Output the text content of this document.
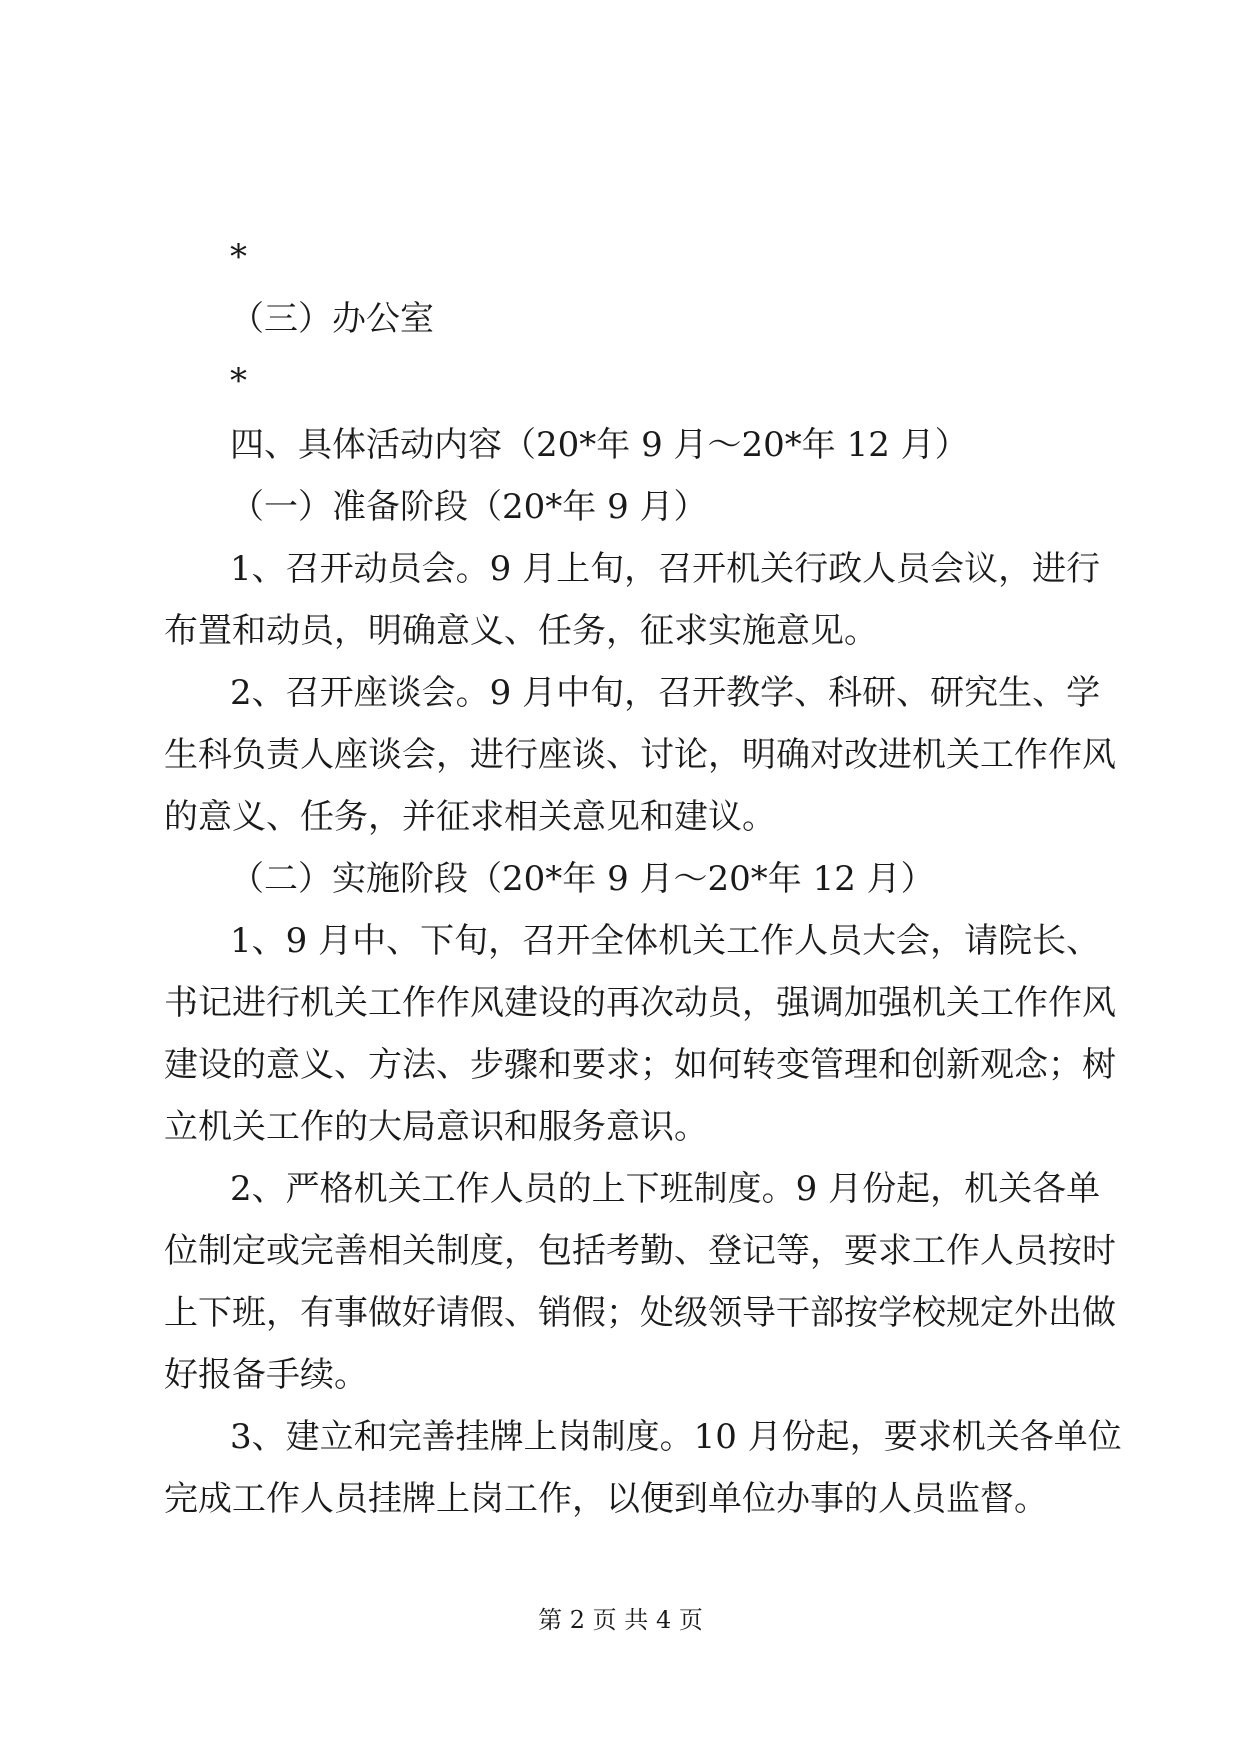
*
（三）办公室
*
四、具体活动内容（20*年 9 月～20*年 12 月）
（一）准备阶段（20*年 9 月）
1、召开动员会。9 月上旬，召开机关行政人员会议，进行
布置和动员，明确意义、任务，征求实施意见。
2、召开座谈会。9 月中旬，召开教学、科研、研究生、学
生科负责人座谈会，进行座谈、讨论，明确对改进机关工作作风
的意义、任务，并征求相关意见和建议。
（二）实施阶段（20*年 9 月～20*年 12 月）
1、9 月中、下旬，召开全体机关工作人员大会，请院长、
书记进行机关工作作风建设的再次动员，强调加强机关工作作风
建设的意义、方法、步骤和要求；如何转变管理和创新观念；树
立机关工作的大局意识和服务意识。
2、严格机关工作人员的上下班制度。9 月份起，机关各单
位制定或完善相关制度，包括考勤、登记等，要求工作人员按时
上下班，有事做好请假、销假；处级领导干部按学校规定外出做
好报备手续。
3、建立和完善挂牌上岗制度。10 月份起，要求机关各单位
完成工作人员挂牌上岗工作，以便到单位办事的人员监督。
第 2 页 共 4 页
